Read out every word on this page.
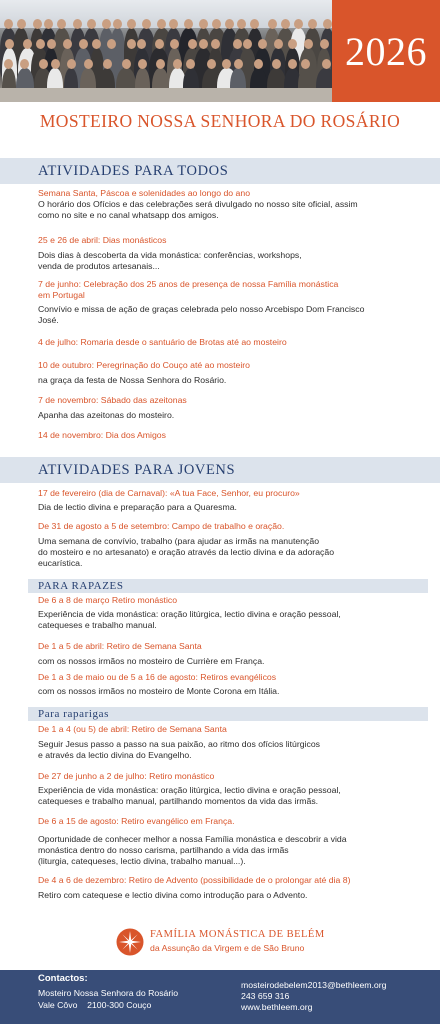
2026
MOSTEIRO NOSSA SENHORA DO ROSÁRIO
ATIVIDADES PARA TODOS
Semana Santa, Páscoa e solenidades ao longo do ano
O horário dos Ofícios e das celebrações será divulgado no nosso site oficial, assim
como no site e no canal whatsapp dos amigos.
25 e 26 de abril: Dias monásticos
Dois dias à descoberta da vida monástica: conferências, workshops,
venda de produtos artesanais...
7 de junho: Celebração dos 25 anos de presença de nossa Família monástica
em Portugal
Convívio e missa de ação de graças celebrada pelo nosso Arcebispo Dom Francisco
José.
4 de julho: Romaria desde o santuário de Brotas até ao mosteiro
10 de outubro: Peregrinação do Couço até ao mosteiro
na graça da festa de Nossa Senhora do Rosário.
7 de novembro: Sábado das azeitonas
Apanha das azeitonas do mosteiro.
14 de novembro: Dia dos Amigos
ATIVIDADES PARA JOVENS
17 de fevereiro (dia de Carnaval): «A tua Face, Senhor, eu procuro»
Dia de lectio divina e preparação para a Quaresma.
De 31 de agosto a 5 de setembro: Campo de trabalho e oração.
Uma semana de convívio, trabalho (para ajudar as irmãs na manutenção
do mosteiro e no artesanato) e oração através da lectio divina e da adoração
eucarística.
PARA RAPAZES
De 6 a 8 de março Retiro monástico
Experiência de vida monástica: oração litúrgica, lectio divina e oração pessoal,
catequeses e trabalho manual.
De 1 a 5 de abril: Retiro de Semana Santa
com os nossos irmãos no mosteiro de Currière em França.
De 1 a 3 de maio ou de 5 a 16 de agosto: Retiros evangélicos
com os nossos irmãos no mosteiro de Monte Corona em Itália.
Para raparigas
De 1 a 4 (ou 5) de abril: Retiro de Semana Santa
Seguir Jesus passo a passo na sua paixão, ao ritmo dos ofícios litúrgicos
e através da lectio divina do Evangelho.
De 27 de junho a 2 de julho: Retiro monástico
Experiência de vida monástica: oração litúrgica, lectio divina e oração pessoal,
catequeses e trabalho manual, partilhando momentos da vida das irmãs.
De 6 a 15 de agosto: Retiro evangélico em França.
Oportunidade de conhecer melhor a nossa Família monástica e descobrir a vida
monástica dentro do nosso carisma, partilhando a vida das irmãs
(liturgia, catequeses, lectio divina, trabalho manual...).
De 4 a 6 de dezembro: Retiro de Advento (possibilidade de o prolongar até dia 8)
Retiro com catequese e lectio divina como introdução para o Advento.
FAMÍLIA MONÁSTICA DE BELÉM
da Assunção da Virgem e de São Bruno
Contactos:
Mosteiro Nossa Senhora do Rosário
Vale Côvo    2100-300 Couço
mosteirodebelem2013@bethleem.org
243 659 316
www.bethleem.org
